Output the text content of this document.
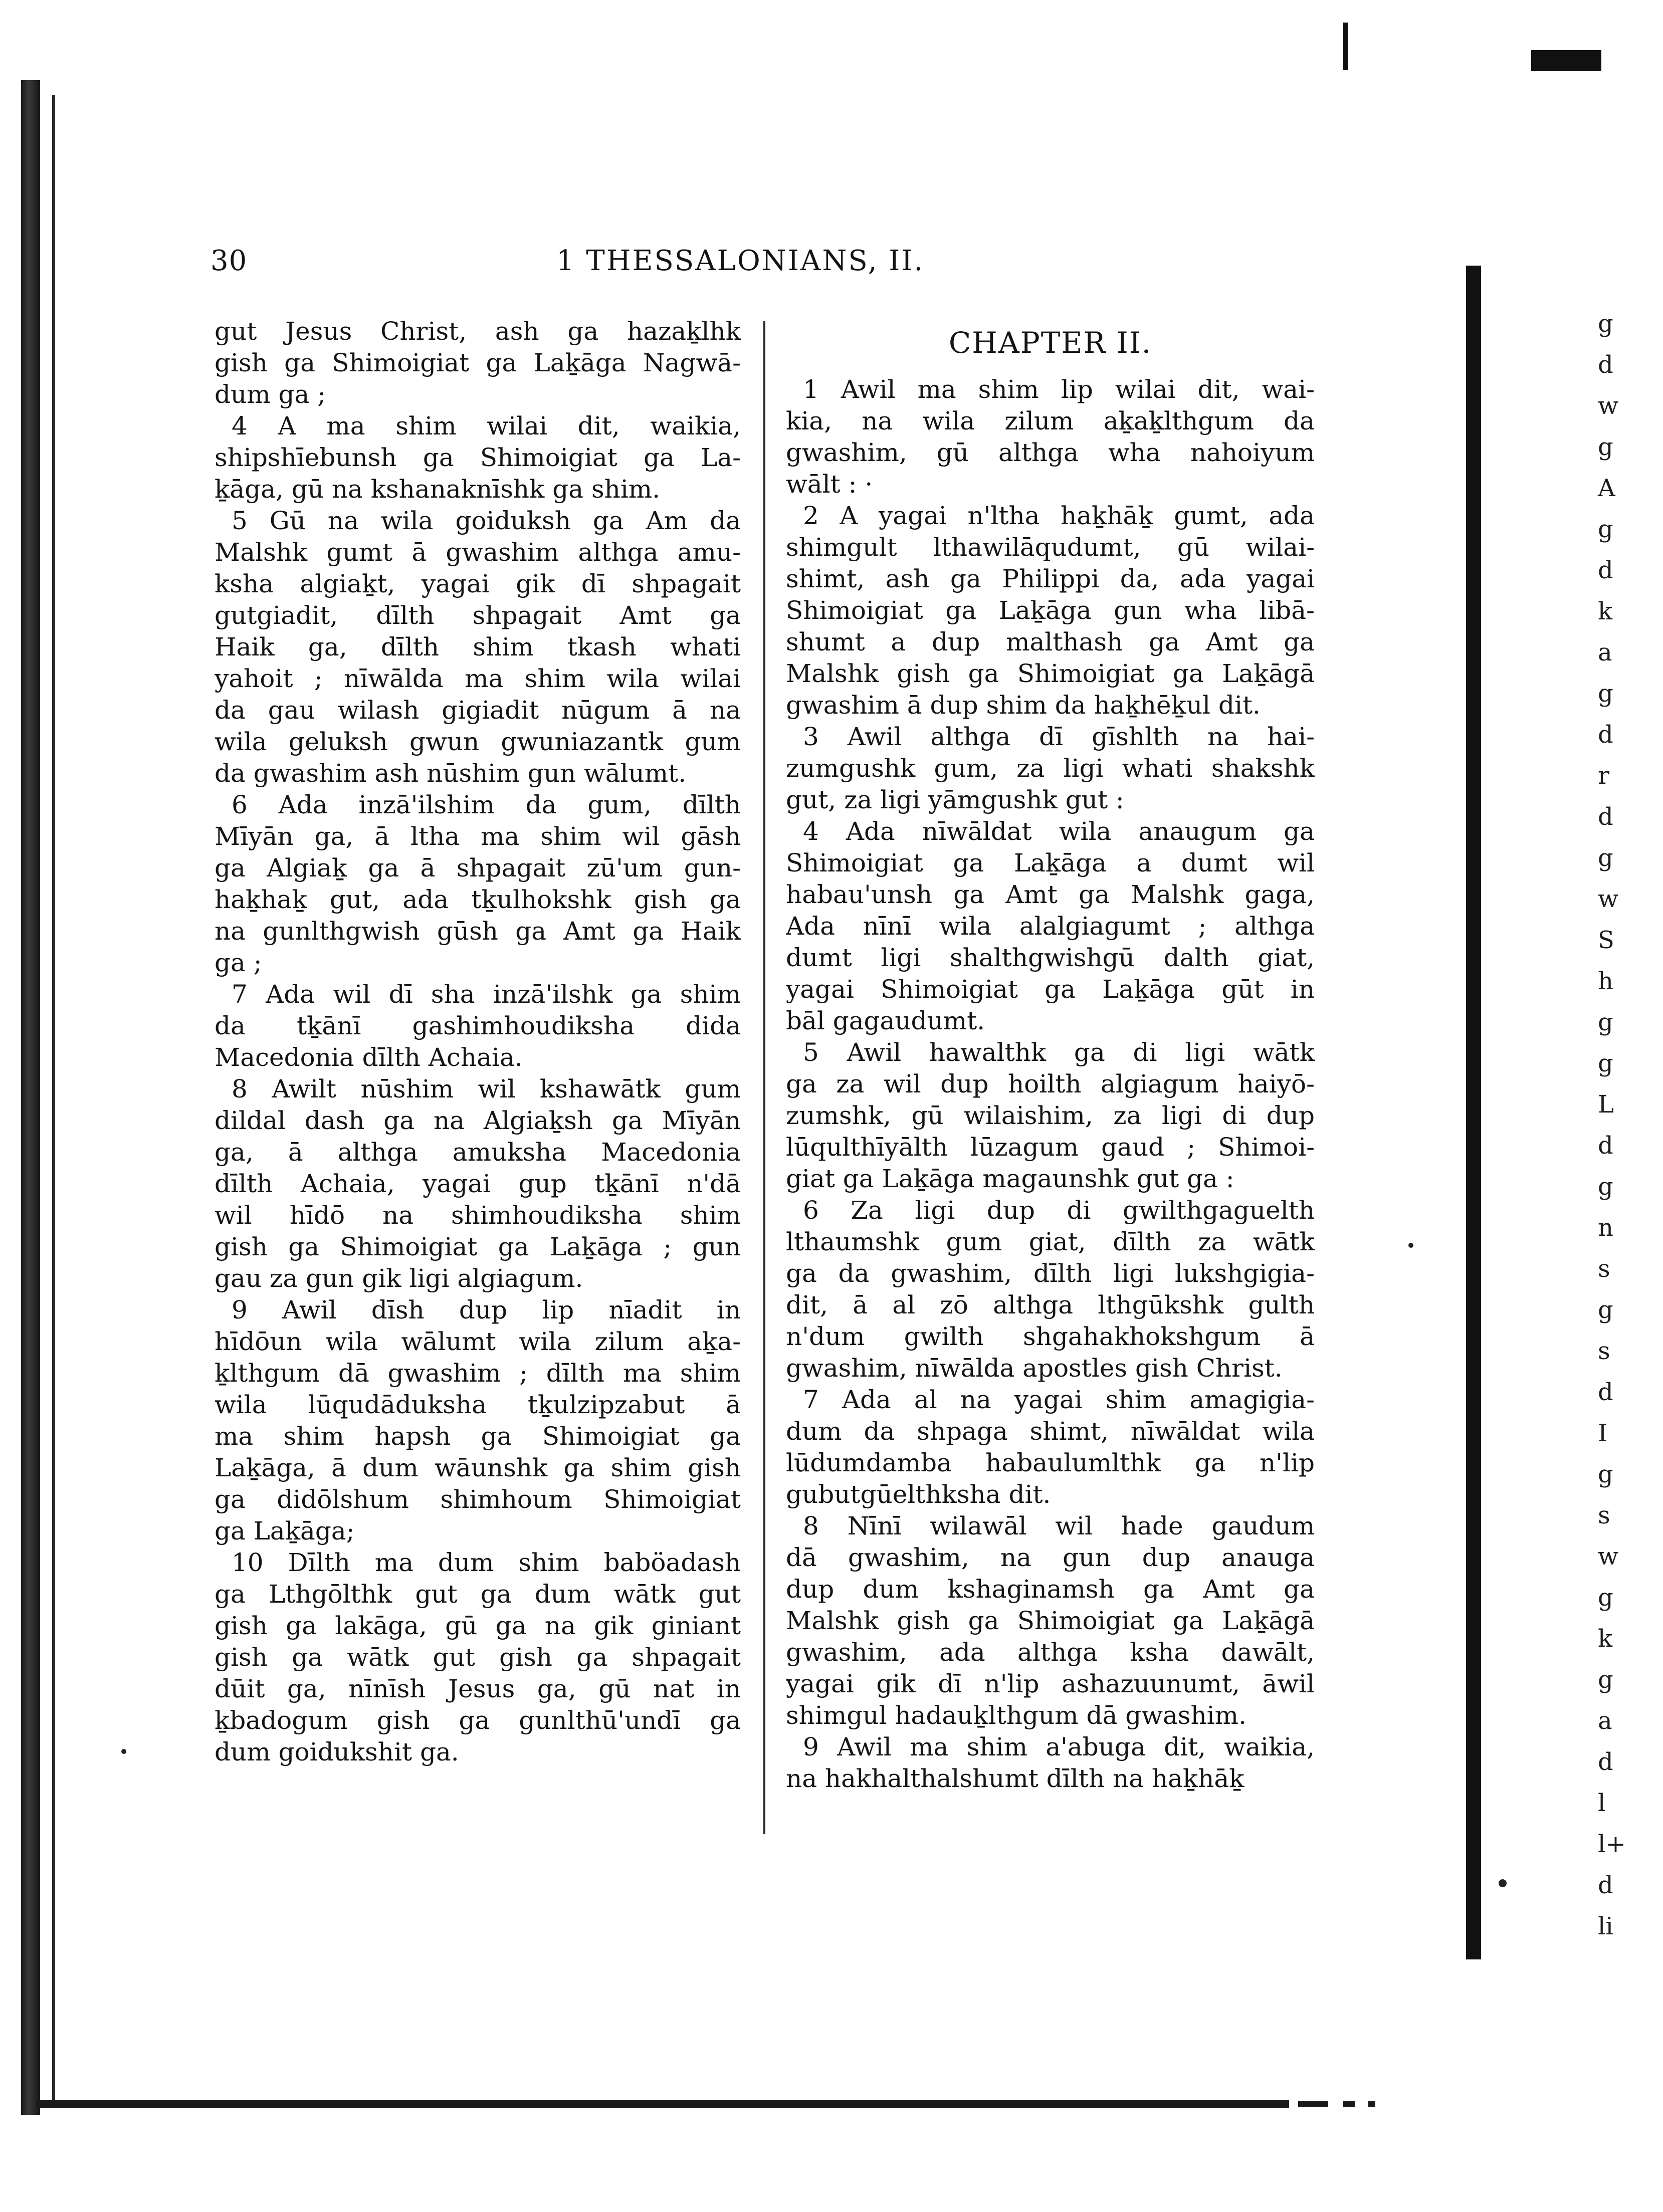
30	1 THESSALONIANS, II.
gut Jesus Christ, ash ga hazaḵlhk
gish ga Shimoigiat ga Laḵāga Nagwā-
dum ga ;
4 A ma shim wilai dit, waikia,
shipshīebunsh ga Shimoigiat ga La-
ḵāga, gū na kshanaknīshk ga shim.
5 Gū na wila goiduksh ga Am da
Malshk gumt ā gwashim althga amu-
ksha algiaḵt, yagai gik dī shpagait
gutgiadit, dīlth shpagait Amt ga
Haik ga, dīlth shim tkash whati
yahoit ; nīwālda ma shim wila wilai
da gau wilash gigiadit nūgum ā na
wila geluksh gwun gwuniazantk gum
da gwashim ash nūshim gun wālumt.
6 Ada inzā'ilshim da gum, dīlth
Mīyān ga, ā ltha ma shim wil gāsh
ga Algiaḵ ga ā shpagait zū'um gun-
haḵhaḵ gut, ada tḵulhokshk gish ga
na gunlthgwish gūsh ga Amt ga Haik
ga ;
7 Ada wil dī sha inzā'ilshk ga shim
da tḵānī gashimhoudiksha dida
Macedonia dīlth Achaia.
8 Awilt nūshim wil kshawātk gum
dildal dash ga na Algiaḵsh ga Mīyān
ga, ā althga amuksha Macedonia
dīlth Achaia, yagai gup tḵānī n'dā
wil hīdō na shimhoudiksha shim
gish ga Shimoigiat ga Laḵāga ; gun
gau za gun gik ligi algiagum.
9 Awil dīsh dup lip nīadit in
hīdōun wila wālumt wila zilum aḵa-
ḵlthgum dā gwashim ; dīlth ma shim
wila lūqudāduksha tḵulzipzabut ā
ma shim hapsh ga Shimoigiat ga
Laḵāga, ā dum wāunshk ga shim gish
ga didōlshum shimhoum Shimoigiat
ga Laḵāga;
10 Dīlth ma dum shim baböadash
ga Lthgōlthk gut ga dum wātk gut
gish ga lakāga, gū ga na gik giniant
gish ga wātk gut gish ga shpagait
dūit ga, nīnīsh Jesus ga, gū nat in
ḵbadogum gish ga gunlthū'undī ga
dum goidukshit ga.
CHAPTER II.
1 Awil ma shim lip wilai dit, wai-
kia, na wila zilum aḵaḵlthgum da
gwashim, gū althga wha nahoiyum
wālt : ·
2 A yagai n'ltha haḵhāḵ gumt, ada
shimgult lthawilāqudumt, gū wilai-
shimt, ash ga Philippi da, ada yagai
Shimoigiat ga Laḵāga gun wha libā-
shumt a dup malthash ga Amt ga
Malshk gish ga Shimoigiat ga Laḵāgā
gwashim ā dup shim da haḵhēḵul dit.
3 Awil althga dī gīshlth na hai-
zumgushk gum, za ligi whati shakshk
gut, za ligi yāmgushk gut :
4 Ada nīwāldat wila anaugum ga
Shimoigiat ga Laḵāga a dumt wil
habau'unsh ga Amt ga Malshk gaga,
Ada nīnī wila alalgiagumt ; althga
dumt ligi shalthgwishgū dalth giat,
yagai Shimoigiat ga Laḵāga gūt in
bāl gagaudumt.
5 Awil hawalthk ga di ligi wātk
ga za wil dup hoilth algiagum haiyō-
zumshk, gū wilaishim, za ligi di dup
lūqulthīyālth lūzagum gaud ; Shimoi-
giat ga Laḵāga magaunshk gut ga :
6 Za ligi dup di gwilthgaguelth
lthaumshk gum giat, dīlth za wātk
ga da gwashim, dīlth ligi lukshgigia-
dit, ā al zō althga lthgūkshk gulth
n'dum gwilth shgahakhokshgum ā
gwashim, nīwālda apostles gish Christ.
7 Ada al na yagai shim amagigia-
dum da shpaga shimt, nīwāldat wila
lūdumdamba habaulumlthk ga n'lip
gubutgūelthksha dit.
8 Nīnī wilawāl wil hade gaudum
dā gwashim, na gun dup anauga
dup dum kshaginamsh ga Amt ga
Malshk gish ga Shimoigiat ga Laḵāgā
gwashim, ada althga ksha dawālt,
yagai gik dī n'lip ashazuunumt, āwil
shimgul hadauḵlthgum dā gwashim.
9 Awil ma shim a'abuga dit, waikia,
na hakhalthalshumt dīlth na haḵhāḵ
g
d
w
g
A
g
d
k
a
g
d
r
d
g
w
S
h
g
g
L
d
g
n
s
g
s
d
I
g
s
w
g
k
g
a
d
l
l+
d
li
